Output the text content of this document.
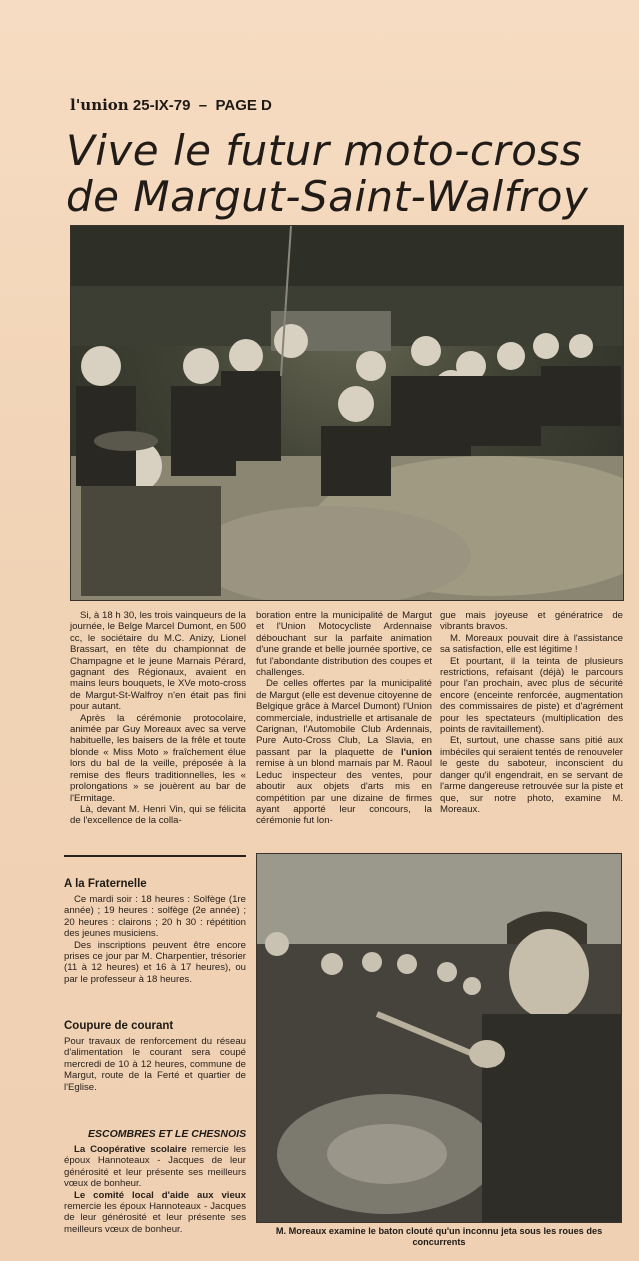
l'union 25-IX-79 – PAGE D
Vive le futur moto-cross
de Margut-Saint-Walfroy

Si, à 18 h 30, les trois vainqueurs de la journée, le Belge Marcel Dumont, en 500 cc, le sociétaire du M.C. Anizy, Lionel Brassart, en tête du championnat de Champagne et le jeune Marnais Pérard, gagnant des Régionaux, avaient en mains leurs bouquets, le XVe moto-cross de Margut-St-Walfroy n'en était pas fini pour autant.

Après la cérémonie protocolaire, animée par Guy Moreaux avec sa verve habituelle, les baisers de la frêle et toute blonde « Miss Moto » fraîchement élue lors du bal de la veille, préposée à la remise des fleurs traditionnelles, les « prolongations » se jouèrent au bar de l'Ermitage.

Là, devant M. Henri Vin, qui se félicita de l'excellence de la colla-

boration entre la municipalité de Margut et l'Union Motocycliste Ardennaise débouchant sur la parfaite animation d'une grande et belle journée sportive, ce fut l'abondante distribution des coupes et challenges.

De celles offertes par la municipalité de Margut (elle est devenue citoyenne de Belgique grâce à Marcel Dumont) l'Union commerciale, industrielle et artisanale de Carignan, l'Automobile Club Ardennais, Pure Auto-Cross Club, La Slavia, en passant par la plaquette de l'union remise à un blond marnais par M. Raoul Leduc inspecteur des ventes, pour aboutir aux objets d'arts mis en compétition par une dizaine de firmes ayant apporté leur concours, la cérémonie fut lon-

gue mais joyeuse et génératrice de vibrants bravos.

M. Moreaux pouvait dire à l'assistance sa satisfaction, elle est légitime !

Et pourtant, il la teinta de plusieurs restrictions, refaisant (déjà) le parcours pour l'an prochain, avec plus de sécurité encore (enceinte renforcée, augmentation des commissaires de piste) et d'agrément pour les spectateurs (multiplication des points de ravitaillement).

Et, surtout, une chasse sans pitié aux imbéciles qui seraient tentés de renouveler le geste du saboteur, inconscient du danger qu'il engendrait, en se servant de l'arme dangereuse retrouvée sur la piste et que, sur notre photo, examine M. Moreaux.

A la Fraternelle

Ce mardi soir : 18 heures : Solfège (1re année) ; 19 heures : solfège (2e année) ; 20 heures : clairons ; 20 h 30 : répétition des jeunes musiciens.

Des inscriptions peuvent être encore prises ce jour par M. Charpentier, trésorier (11 à 12 heures) et 16 à 17 heures), ou par le professeur à 18 heures.

Coupure de courant

Pour travaux de renforcement du réseau d'alimentation le courant sera coupé mercredi de 10 à 12 heures, commune de Margut, route de la Ferté et quartier de l'Eglise.

ESCOMBRES ET LE CHESNOIS

La Coopérative scolaire remercie les époux Hannoteaux - Jacques de leur générosité et leur présente ses meilleurs vœux de bonheur.

Le comité local d'aide aux vieux remercie les époux Hannoteaux - Jacques de leur générosité et leur présente ses meilleurs vœux de bonheur.	M. Moreaux examine le baton clouté qu'un inconnu jeta sous les roues des concurrents
